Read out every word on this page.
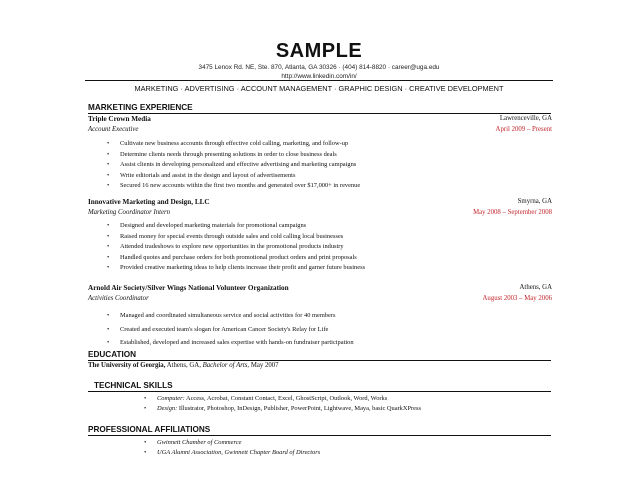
SAMPLE
3475 Lenox Rd. NE, Ste. 870, Atlanta, GA 30326 · (404) 814-8820 · career@uga.edu
http://www.linkedin.com/in/
MARKETING · ADVERTISING · ACCOUNT MANAGEMENT · GRAPHIC DESIGN · CREATIVE DEVELOPMENT
MARKETING EXPERIENCE
Triple Crown Media	Lawrenceville, GA
Account Executive	April 2009 – Present
• Cultivate new business accounts through effective cold calling, marketing, and follow-up
• Determine clients needs through presenting solutions in order to close business deals
• Assist clients in developing personalized and effective advertising and marketing campaigns
• Write editorials and assist in the design and layout of advertisements
• Secured 16 new accounts within the first two months and generated over $17,000+ in revenue
Innovative Marketing and Design, LLC	Smyrna, GA
Marketing Coordinator Intern	May 2008 – September 2008
• Designed and developed marketing materials for promotional campaigns
• Raised money for special events through outside sales and cold calling local businesses
• Attended tradeshows to explore new opportunities in the promotional products industry
• Handled quotes and purchase orders for both promotional product orders and print proposals
• Provided creative marketing ideas to help clients increase their profit and garner future business
Arnold Air Society/Silver Wings National Volunteer Organization	Athens, GA
Activities Coordinator	August 2003 – May 2006
• Managed and coordinated simultaneous service and social activities for 40 members
• Created and executed team's slogan for American Cancer Society's Relay for Life
• Established, developed and increased sales expertise with hands-on fundraiser participation
EDUCATION
The University of Georgia, Athens, GA, Bachelor of Arts, May 2007
TECHNICAL SKILLS
• Computer: Access, Acrobat, Constant Contact, Excel, GhostScript, Outlook, Word, Works
• Design: Illustrator, Photoshop, InDesign, Publisher, PowerPoint, Lightwave, Maya, basic QuarkXPress
PROFESSIONAL AFFILIATIONS
• Gwinnett Chamber of Commerce
• UGA Alumni Association, Gwinnett Chapter Board of Directors
